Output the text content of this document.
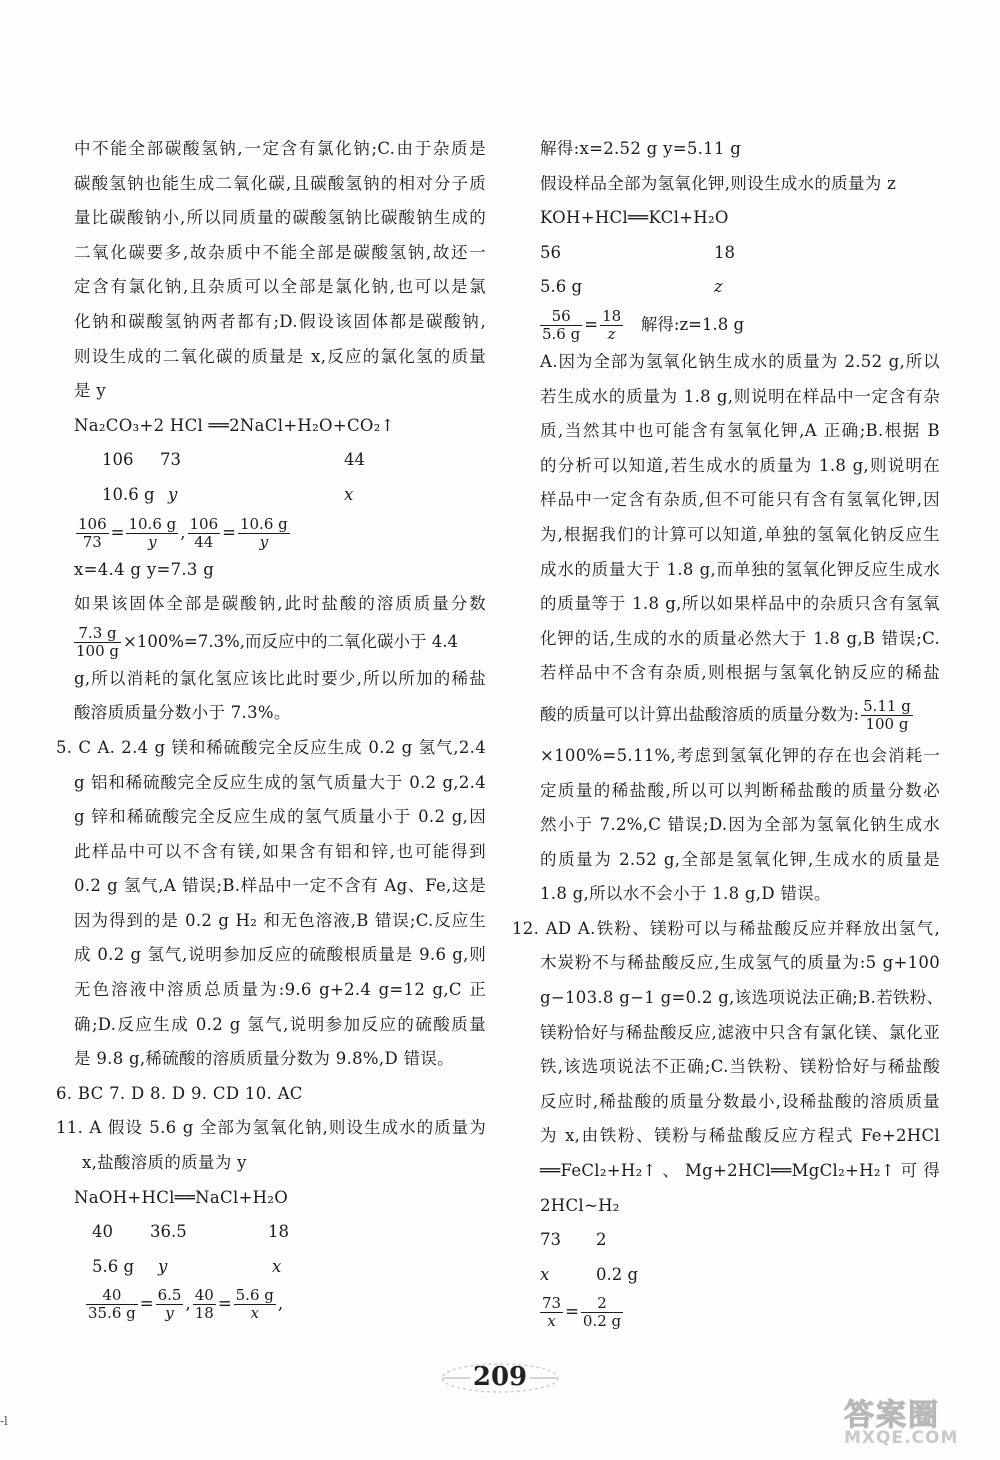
中不能全部碳酸氢钠,一定含有氯化钠;C.由于杂质是
碳酸氢钠也能生成二氧化碳,且碳酸氢钠的相对分子质
量比碳酸钠小,所以同质量的碳酸氢钠比碳酸钠生成的
二氧化碳要多,故杂质中不能全部是碳酸氢钠,故还一
定含有氯化钠,且杂质可以全部是氯化钠,也可以是氯
化钠和碳酸氢钠两者都有;D.假设该固体都是碳酸钠,
则设生成的二氧化碳的质量是 x,反应的氯化氢的质量
是 y
Na₂CO₃+2 HCl ══2NaCl+H₂O+CO₂↑
106	73	44
10.6 g y	x
$\frac{106}{73} = \frac{10.6 g}{y}$ , $\frac{106}{44} = \frac{10.6 g}{y}$
x=4.4 g y=7.3 g
如果该固体全部是碳酸钠,此时盐酸的溶质质量分数
$\frac{7.3 g}{100 g} \times 100\%=7.3\%$,而反应中的二氧化碳小于 4.4
g,所以消耗的氯化氢应该比此时要少,所以所加的稀盐
酸溶质质量分数小于 7.3%。
5. C A. 2.4 g 镁和稀硫酸完全反应生成 0.2 g 氢气,2.4
g 铝和稀硫酸完全反应生成的氢气质量大于 0.2 g,2.4
g 锌和稀硫酸完全反应生成的氢气质量小于 0.2 g,因
此样品中可以不含有镁,如果含有铝和锌,也可能得到
0.2 g 氢气,A 错误;B.样品中一定不含有 Ag、Fe,这是
因为得到的是 0.2 g H₂ 和无色溶液,B 错误;C.反应生
成 0.2 g 氢气,说明参加反应的硫酸根质量是 9.6 g,则
无色溶液中溶质总质量为:9.6 g+2.4 g=12 g,C 正
确;D.反应生成 0.2 g 氢气,说明参加反应的硫酸质量
是 9.8 g,稀硫酸的溶质质量分数为 9.8%,D 错误。
6. BC 7. D 8. D 9. CD 10. AC
11. A 假设 5.6 g 全部为氢氧化钠,则设生成水的质量为
x,盐酸溶质的质量为 y
NaOH+HCl══NaCl+H₂O
40	36.5	18
5.6 g	y	x
$\frac{40}{35.6 g} = \frac{6.5}{y}$ , $\frac{40}{18} = \frac{5.6 g}{x}$ ,
解得:x=2.52 g y=5.11 g
假设样品全部为氢氧化钾,则设生成水的质量为 z
KOH+HCl══KCl+H₂O
56	18
5.6 g	z
$\frac{56}{5.6 g} = \frac{18}{z}$ 解得:z=1.8 g
A.因为全部为氢氧化钠生成水的质量为 2.52 g,所以
若生成水的质量为 1.8 g,则说明在样品中一定含有杂
质,当然其中也可能含有氢氧化钾,A 正确;B.根据 B
的分析可以知道,若生成水的质量为 1.8 g,则说明在
样品中一定含有杂质,但不可能只有含有氢氧化钾,因
为,根据我们的计算可以知道,单独的氢氧化钠反应生
成水的质量大于 1.8 g,而单独的氢氧化钾反应生成水
的质量等于 1.8 g,所以如果样品中的杂质只含有氢氧
化钾的话,生成的水的质量必然大于 1.8 g,B 错误;C.
若样品中不含有杂质,则根据与氢氧化钠反应的稀盐
酸的质量可以计算出盐酸溶质的质量分数为: $\frac{5.11 g}{100 g}$
×100%=5.11%,考虑到氢氧化钾的存在也会消耗一
定质量的稀盐酸,所以可以判断稀盐酸的质量分数必
然小于 7.2%,C 错误;D.因为全部为氢氧化钠生成水
的质量为 2.52 g,全部是氢氧化钾,生成水的质量是
1.8 g,所以水不会小于 1.8 g,D 错误。
12. AD A.铁粉、镁粉可以与稀盐酸反应并释放出氢气,
木炭粉不与稀盐酸反应,生成氢气的质量为:5 g+100
g−103.8 g−1 g=0.2 g,该选项说法正确;B.若铁粉、
镁粉恰好与稀盐酸反应,滤液中只含有氯化镁、氯化亚
铁,该选项说法不正确;C.当铁粉、镁粉恰好与稀盐酸
反应时,稀盐酸的质量分数最小,设稀盐酸的溶质质量
为 x,由铁粉、镁粉与稀盐酸反应方程式 Fe+2HCl
══FeCl₂+H₂↑、Mg+2HCl══MgCl₂+H₂↑可得
2HCl~H₂
73	2
x	0.2 g
$\frac{73}{x} = \frac{2}{0.2 g}$
209
答案圈
MXQE.COM
-l
